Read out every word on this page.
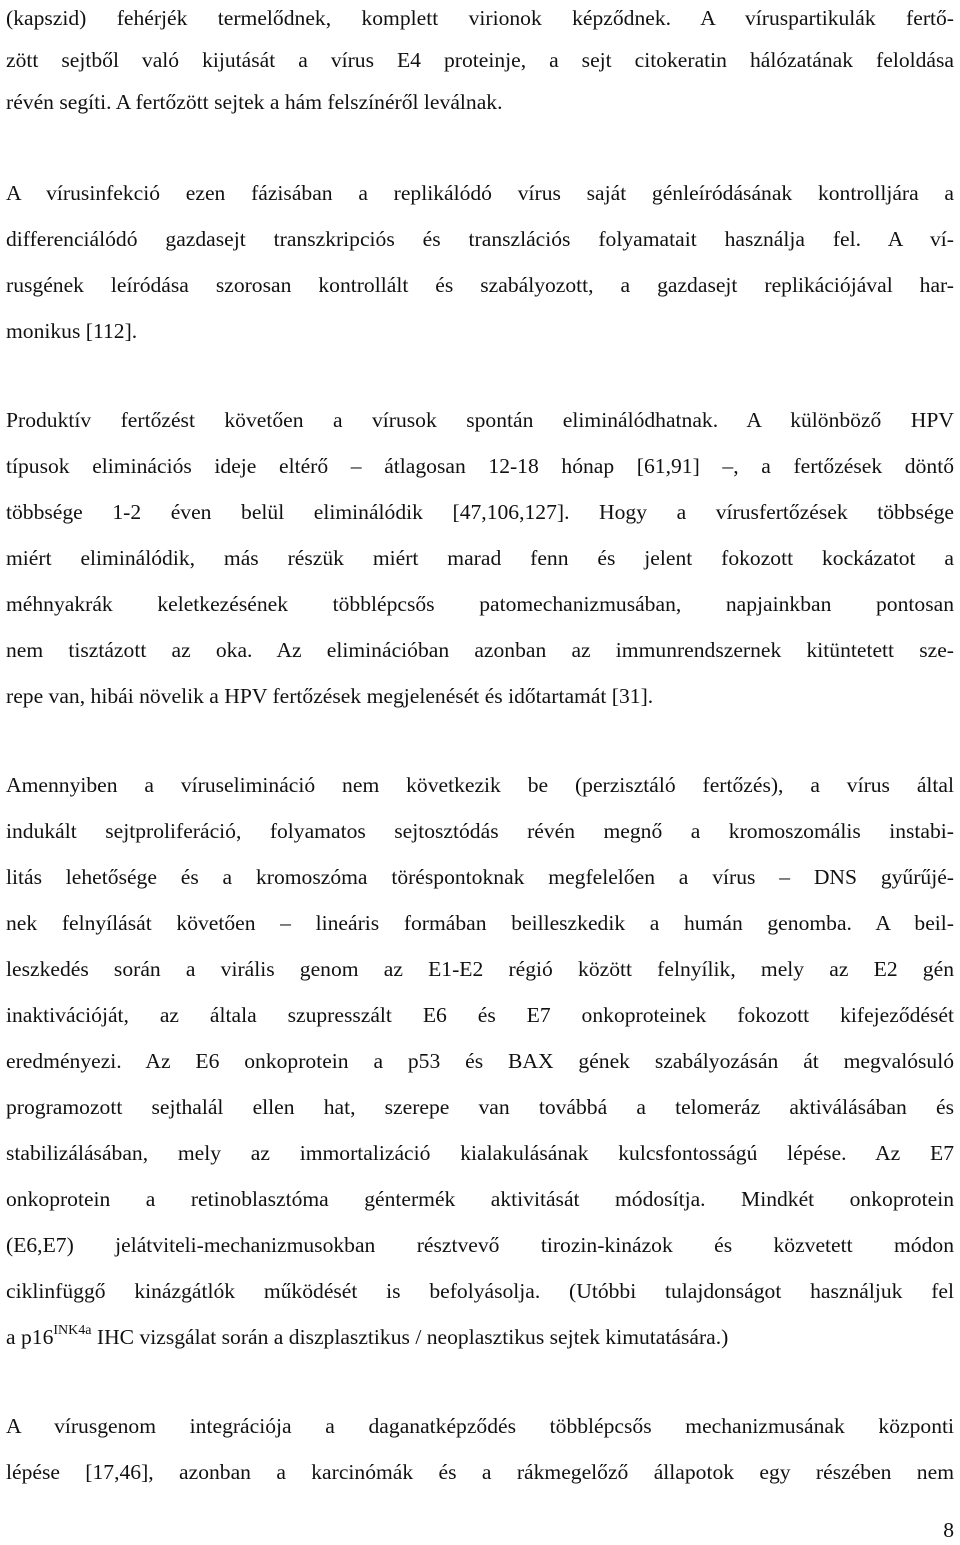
(kapszid) fehérjék termelődnek, komplett virionok képződnek. A víruspartikulák fertő-
zött sejtből való kijutását a vírus E4 proteinje, a sejt citokeratin hálózatának feloldása
révén segíti. A fertőzött sejtek a hám felszínéről leválnak.
A vírusinfekció ezen fázisában a replikálódó vírus saját génleíródásának kontrolljára a
differenciálódó gazdasejt transzkripciós és transzlációs folyamatait használja fel. A ví-
rusgének leíródása szorosan kontrollált és szabályozott, a gazdasejt replikációjával har-
monikus [112].
Produktív fertőzést követően a vírusok spontán eliminálódhatnak. A különböző HPV
típusok eliminációs ideje eltérő – átlagosan 12-18 hónap [61,91] –, a fertőzések döntő
többsége 1-2 éven belül eliminálódik [47,106,127]. Hogy a vírusfertőzések többsége
miért eliminálódik, más részük miért marad fenn és jelent fokozott kockázatot a
méhnyakrák keletkezésének többlépcsős patomechanizmusában, napjainkban pontosan
nem tisztázott az oka. Az eliminációban azonban az immunrendszernek kitüntetett sze-
repe van, hibái növelik a HPV fertőzések megjelenését és időtartamát [31].
Amennyiben a víruselimináció nem következik be (perzisztáló fertőzés), a vírus által
indukált sejtproliferáció, folyamatos sejtosztódás révén megnő a kromoszomális instabi-
litás lehetősége és a kromoszóma töréspontoknak megfelelően a vírus – DNS gyűrűjé-
nek felnyílását követően – lineáris formában beilleszkedik a humán genomba. A beil-
leszkedés során a virális genom az E1-E2 régió között felnyílik, mely az E2 gén
inaktivációját, az általa szupresszált E6 és E7 onkoproteinek fokozott kifejeződését
eredményezi. Az E6 onkoprotein a p53 és BAX gének szabályozásán át megvalósuló
programozott sejthalál ellen hat, szerepe van továbbá a telomeráz aktiválásában és
stabilizálásában, mely az immortalizáció kialakulásának kulcsfontosságú lépése. Az E7
onkoprotein a retinoblasztóma géntermék aktivitását módosítja. Mindkét onkoprotein
(E6,E7) jelátviteli-mechanizmusokban résztvevő tirozin-kinázok és közvetett módon
ciklinfüggő kinázgátlók működését is befolyásolja. (Utóbbi tulajdonságot használjuk fel
a $p16^{INK4a}$ IHC vizsgálat során a diszplasztikus / neoplasztikus sejtek kimutatására.)
A vírusgenom integrációja a daganatképződés többlépcsős mechanizmusának központi
lépése [17,46], azonban a karcinómák és a rákmegelőző állapotok egy részében nem
8
